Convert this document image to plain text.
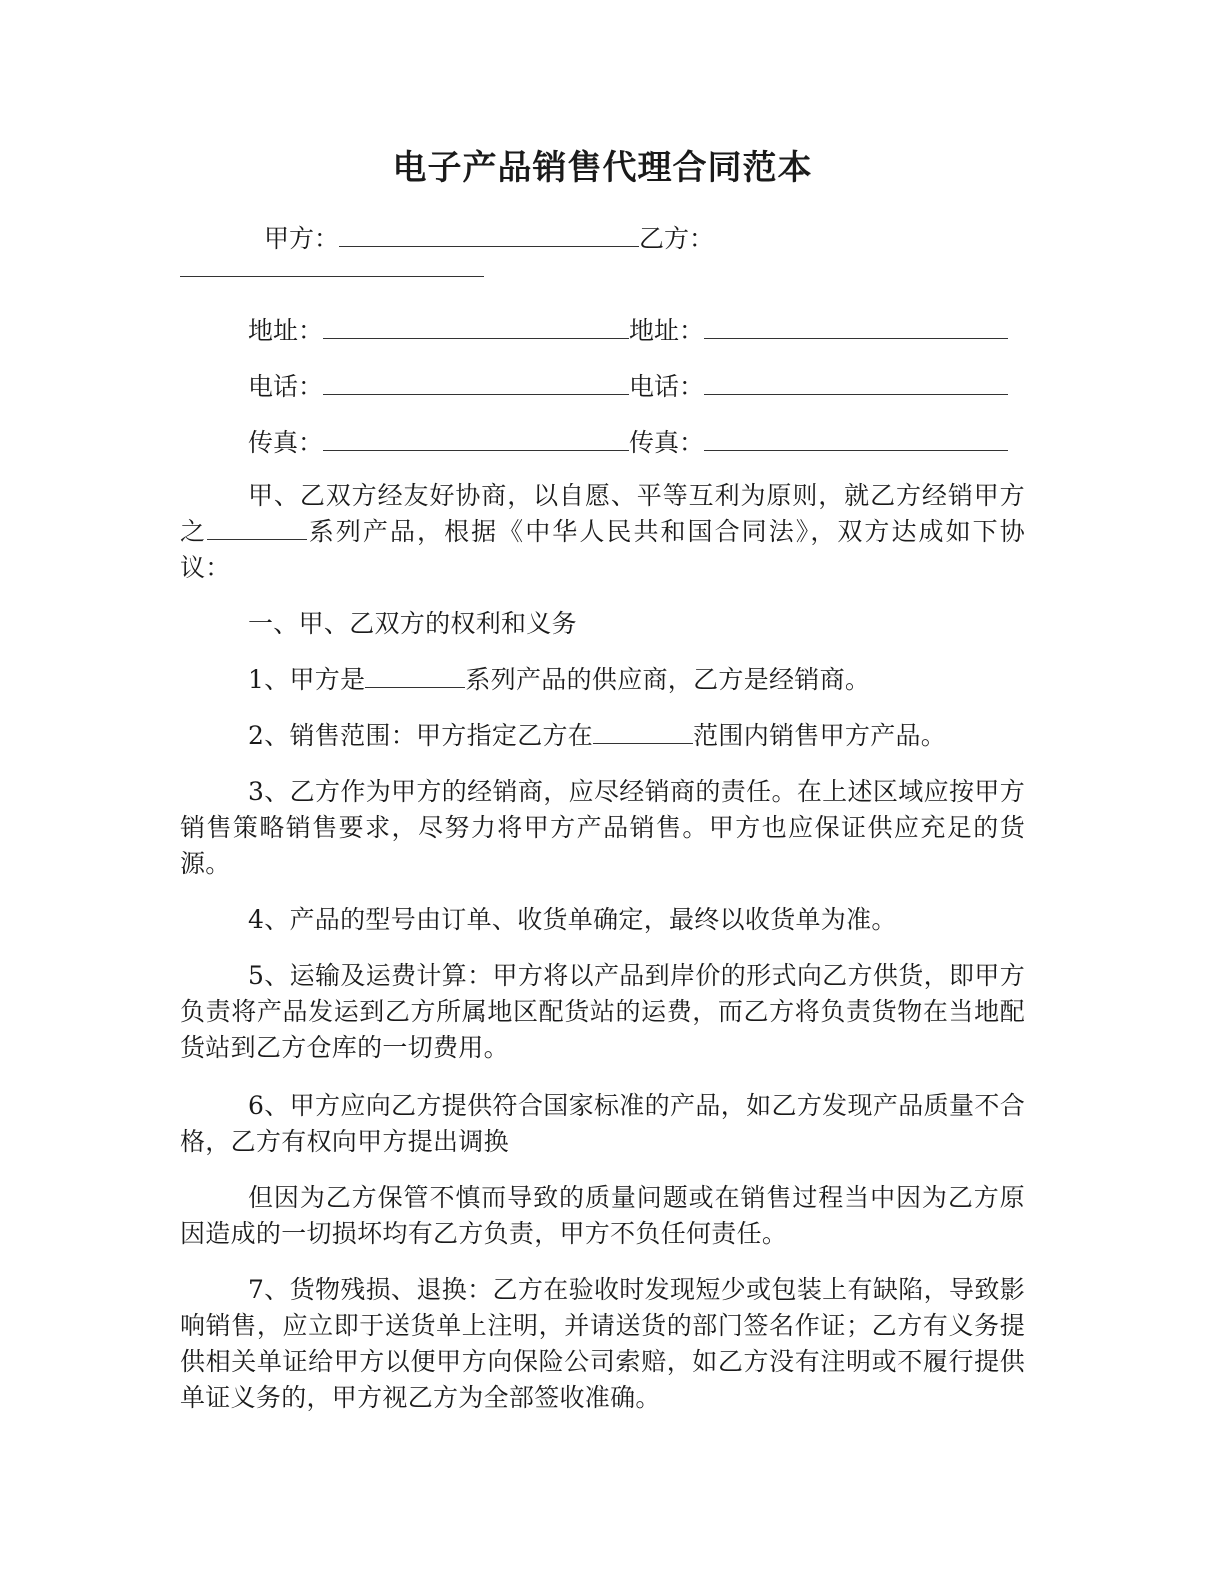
电子产品销售代理合同范本
甲方：	乙方：
地址：	地址：
电话：	电话：
传真：	传真：

甲、乙双方经友好协商，以自愿、平等互利为原则，就乙方经销甲方之	系列产品，根据《中华人民共和国合同法》，双方达成如下协议：

一、甲、乙双方的权利和义务

1、甲方是	系列产品的供应商，乙方是经销商。

2、销售范围：甲方指定乙方在	范围内销售甲方产品。

3、乙方作为甲方的经销商，应尽经销商的责任。在上述区域应按甲方销售策略销售要求，尽努力将甲方产品销售。甲方也应保证供应充足的货源。

4、产品的型号由订单、收货单确定，最终以收货单为准。

5、运输及运费计算：甲方将以产品到岸价的形式向乙方供货，即甲方负责将产品发运到乙方所属地区配货站的运费，而乙方将负责货物在当地配货站到乙方仓库的一切费用。

6、甲方应向乙方提供符合国家标准的产品，如乙方发现产品质量不合格，乙方有权向甲方提出调换

但因为乙方保管不慎而导致的质量问题或在销售过程当中因为乙方原因造成的一切损坏均有乙方负责，甲方不负任何责任。

7、货物残损、退换：乙方在验收时发现短少或包装上有缺陷，导致影响销售，应立即于送货单上注明，并请送货的部门签名作证；乙方有义务提供相关单证给甲方以便甲方向保险公司索赔，如乙方没有注明或不履行提供单证义务的，甲方视乙方为全部签收准确。
